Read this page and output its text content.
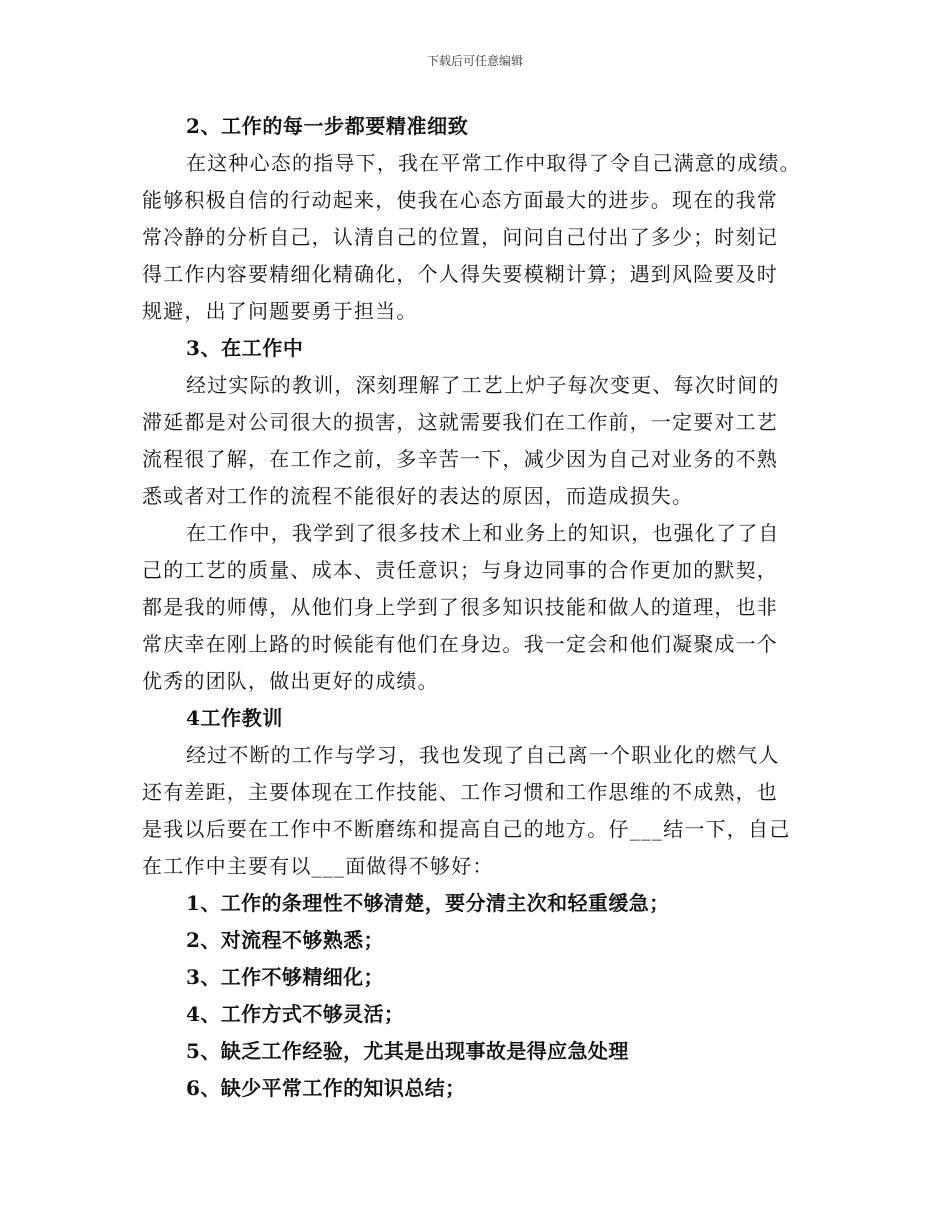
下载后可任意编辑
2、工作的每一步都要精准细致
在这种心态的指导下，我在平常工作中取得了令自己满意的成绩。
能够积极自信的行动起来，使我在心态方面最大的进步。现在的我常
常冷静的分析自己，认清自己的位置，问问自己付出了多少；时刻记
得工作内容要精细化精确化，个人得失要模糊计算；遇到风险要及时
规避，出了问题要勇于担当。
3、在工作中
经过实际的教训，深刻理解了工艺上炉子每次变更、每次时间的
滞延都是对公司很大的损害，这就需要我们在工作前，一定要对工艺
流程很了解，在工作之前，多辛苦一下，减少因为自己对业务的不熟
悉或者对工作的流程不能很好的表达的原因，而造成损失。
在工作中，我学到了很多技术上和业务上的知识，也强化了了自
己的工艺的质量、成本、责任意识；与身边同事的合作更加的默契，
都是我的师傅，从他们身上学到了很多知识技能和做人的道理，也非
常庆幸在刚上路的时候能有他们在身边。我一定会和他们凝聚成一个
优秀的团队，做出更好的成绩。
4工作教训
经过不断的工作与学习，我也发现了自己离一个职业化的燃气人
还有差距，主要体现在工作技能、工作习惯和工作思维的不成熟，也
是我以后要在工作中不断磨练和提高自己的地方。仔___结一下，自己
在工作中主要有以___面做得不够好：
1、工作的条理性不够清楚，要分清主次和轻重缓急；
2、对流程不够熟悉；
3、工作不够精细化；
4、工作方式不够灵活；
5、缺乏工作经验，尤其是出现事故是得应急处理
6、缺少平常工作的知识总结；
